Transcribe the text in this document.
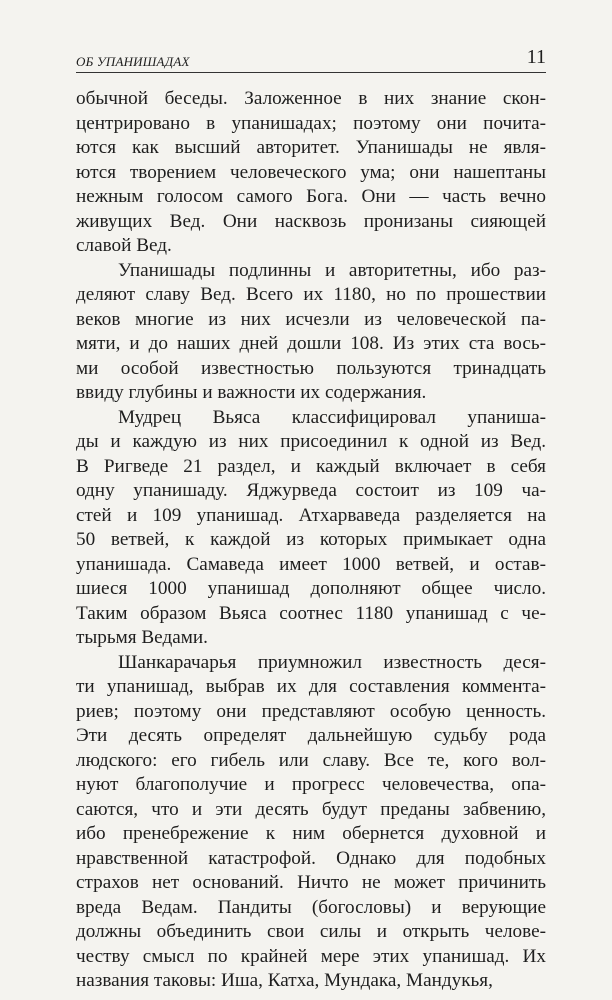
ОБ УПАНИШАДАХ	11
обычной беседы. Заложенное в них знание скон-
центрировано в упанишадах; поэтому они почита-
ются как высший авторитет. Упанишады не явля-
ются творением человеческого ума; они нашептаны
нежным голосом самого Бога. Они — часть вечно
живущих Вед. Они насквозь пронизаны сияющей
славой Вед.
Упанишады подлинны и авторитетны, ибо раз-
деляют славу Вед. Всего их 1180, но по прошествии
веков многие из них исчезли из человеческой па-
мяти, и до наших дней дошли 108. Из этих ста вось-
ми особой известностью пользуются тринадцать
ввиду глубины и важности их содержания.
Мудрец Вьяса классифицировал упаниша-
ды и каждую из них присоединил к одной из Вед.
В Ригведе 21 раздел, и каждый включает в себя
одну упанишаду. Яджурведа состоит из 109 ча-
стей и 109 упанишад. Атхарваведа разделяется на
50 ветвей, к каждой из которых примыкает одна
упанишада. Самаведа имеет 1000 ветвей, и остав-
шиеся 1000 упанишад дополняют общее число.
Таким образом Вьяса соотнес 1180 упанишад с че-
тырьмя Ведами.
Шанкарачарья приумножил известность деся-
ти упанишад, выбрав их для составления коммента-
риев; поэтому они представляют особую ценность.
Эти десять определят дальнейшую судьбу рода
людского: его гибель или славу. Все те, кого вол-
нуют благополучие и прогресс человечества, опа-
саются, что и эти десять будут преданы забвению,
ибо пренебрежение к ним обернется духовной и
нравственной катастрофой. Однако для подобных
страхов нет оснований. Ничто не может причинить
вреда Ведам. Пандиты (богословы) и верующие
должны объединить свои силы и открыть челове-
честву смысл по крайней мере этих упанишад. Их
названия таковы: Иша, Катха, Мундака, Мандукья,
